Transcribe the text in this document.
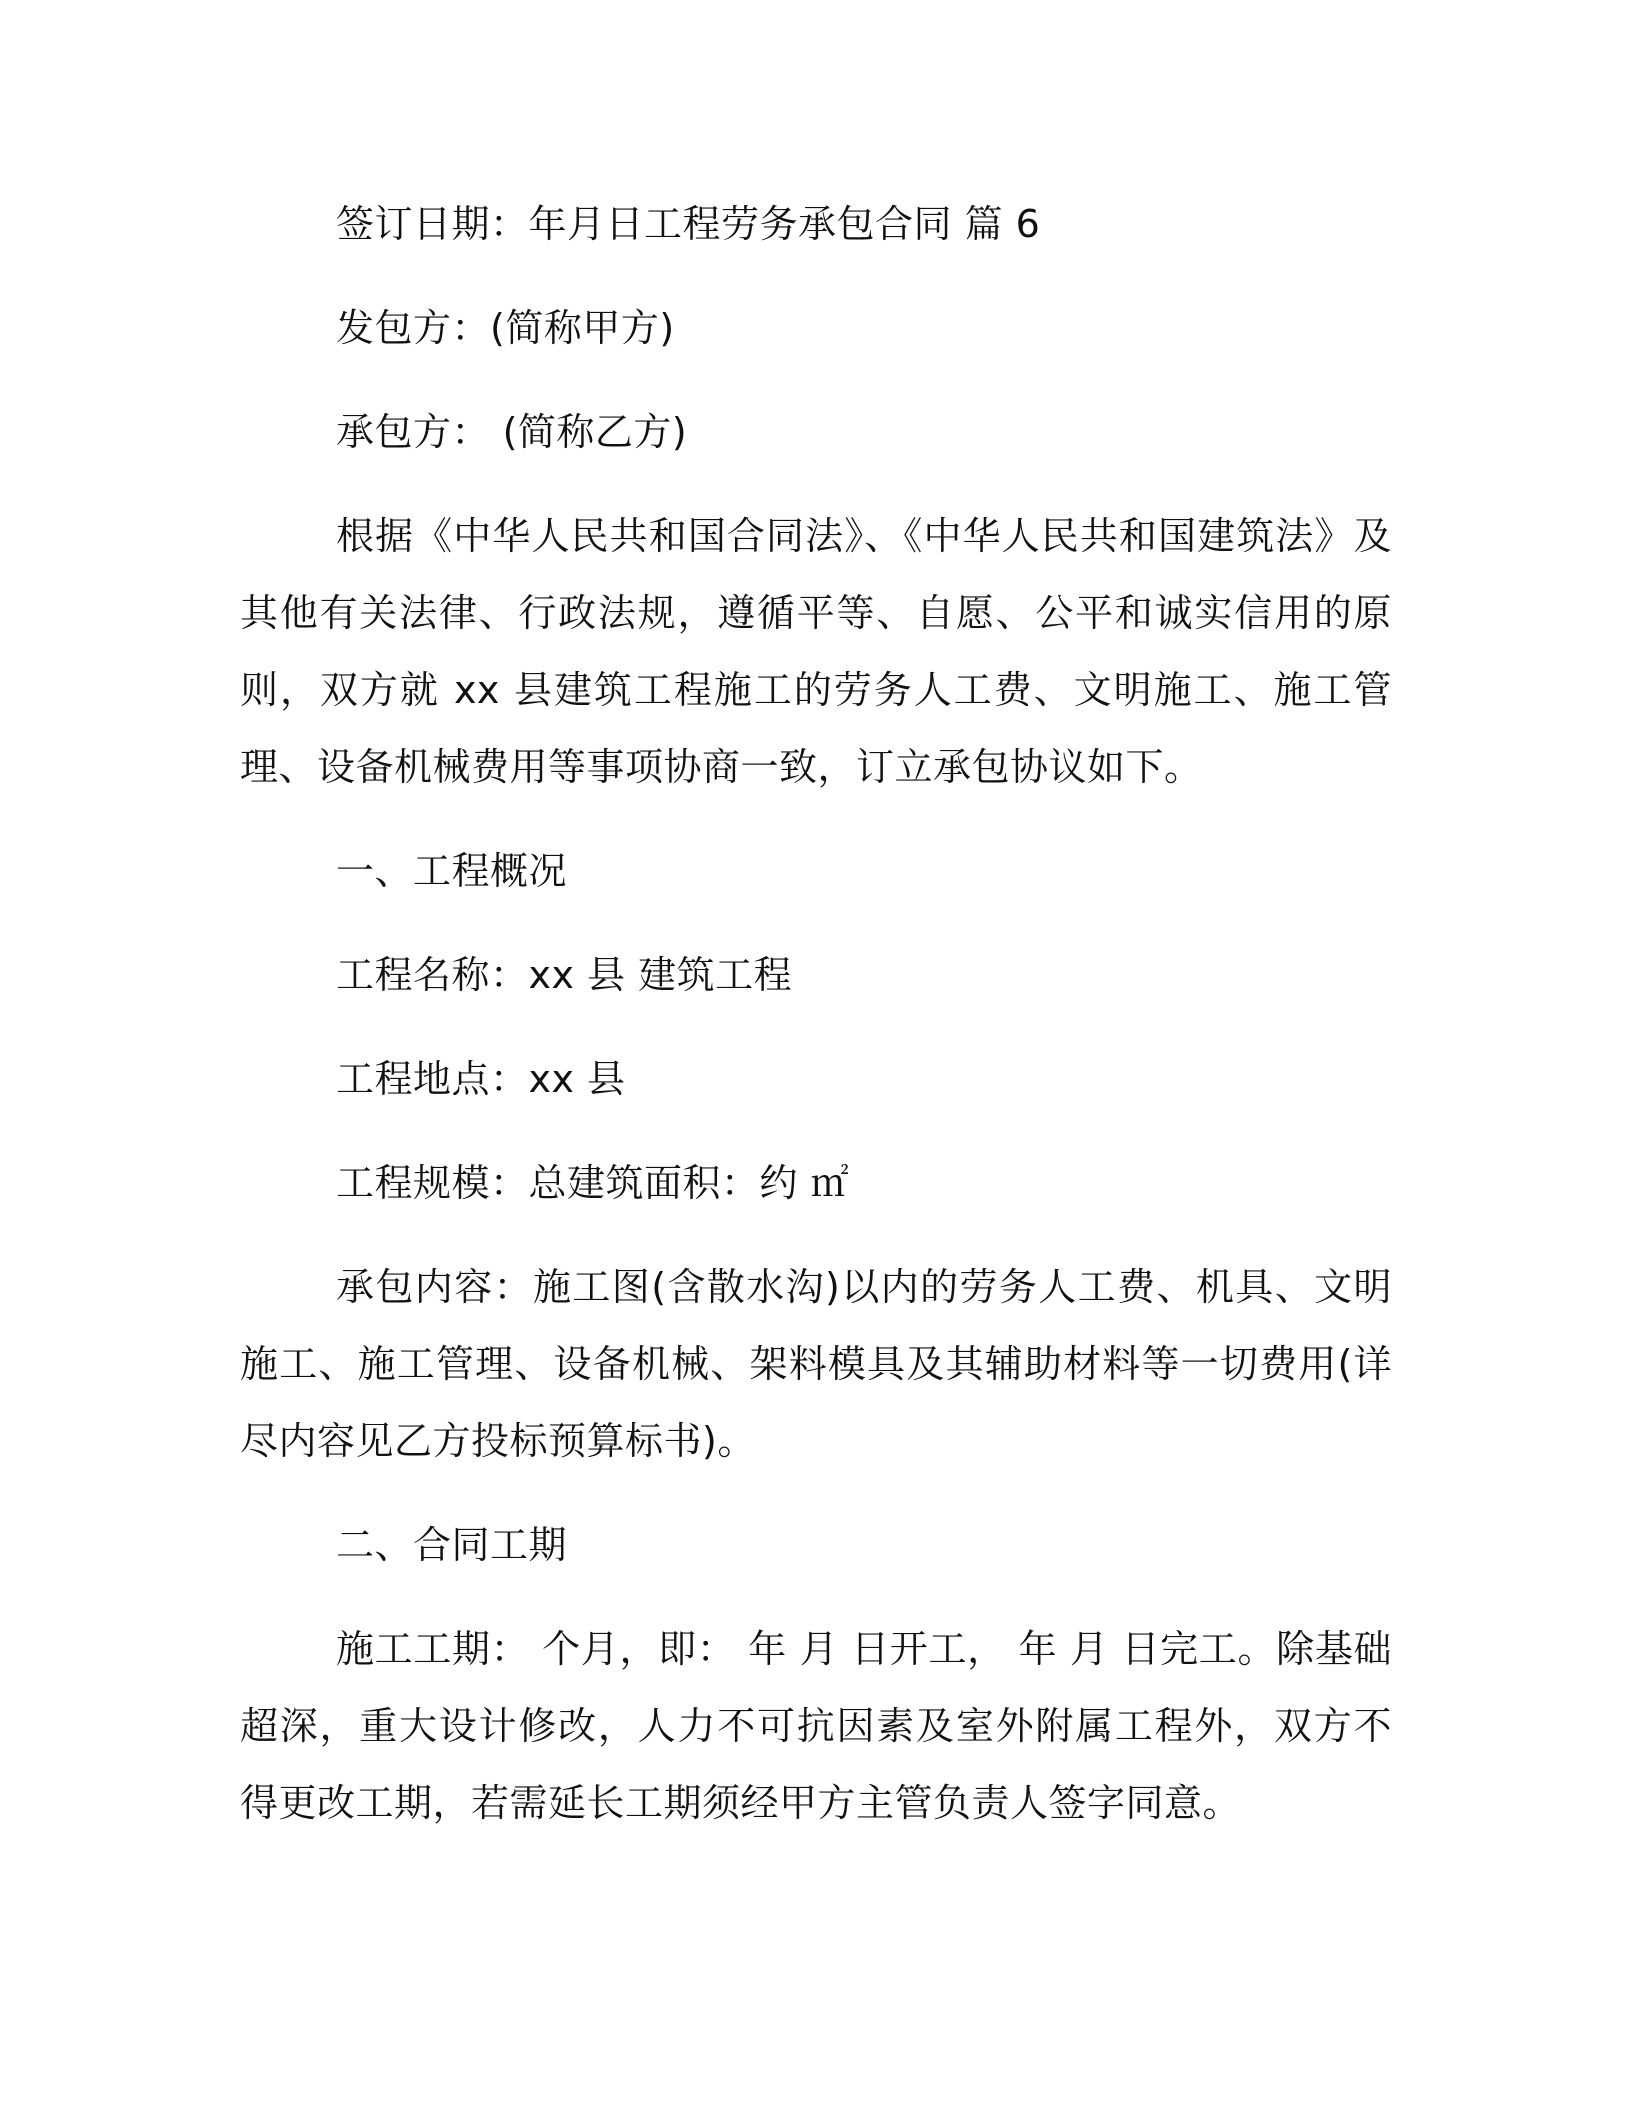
签订日期：年月日工程劳务承包合同 篇 6

发包方：(简称甲方)

承包方： (简称乙方)

根据《中华人民共和国合同法》、《中华人民共和国建筑法》及其他有关法律、行政法规，遵循平等、自愿、公平和诚实信用的原则，双方就 xx 县建筑工程施工的劳务人工费、文明施工、施工管理、设备机械费用等事项协商一致，订立承包协议如下。

一、工程概况

工程名称：xx 县 建筑工程

工程地点：xx 县

工程规模：总建筑面积：约 ㎡

承包内容：施工图(含散水沟)以内的劳务人工费、机具、文明施工、施工管理、设备机械、架料模具及其辅助材料等一切费用(详尽内容见乙方投标预算标书)。

二、合同工期

施工工期： 个月，即： 年 月 日开工， 年 月 日完工。除基础超深，重大设计修改，人力不可抗因素及室外附属工程外，双方不得更改工期，若需延长工期须经甲方主管负责人签字同意。
